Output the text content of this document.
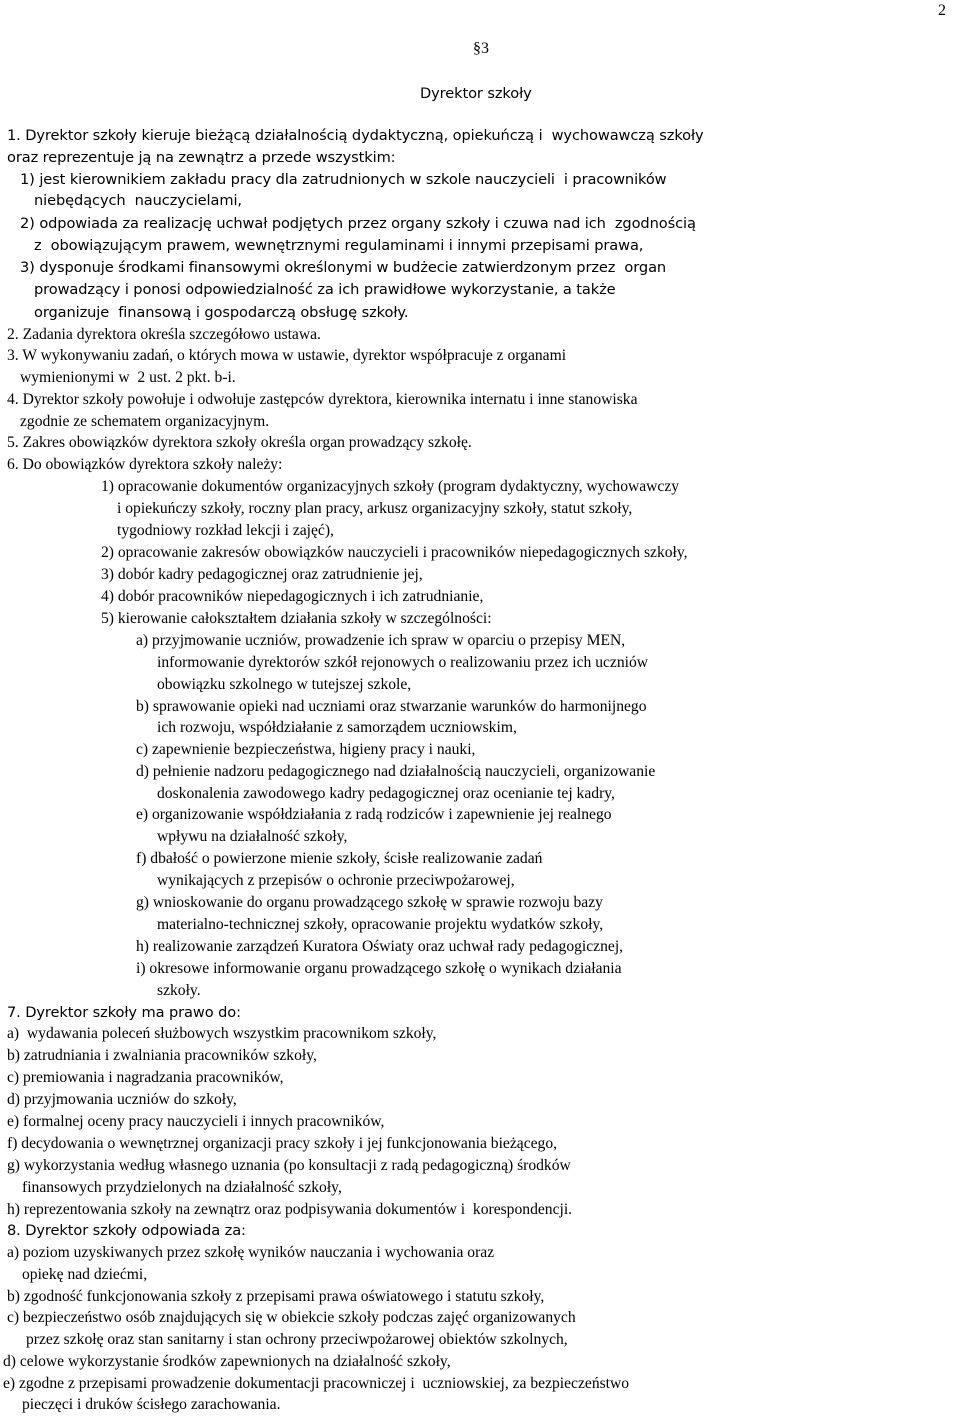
2
§3
Dyrektor szkoły
1. Dyrektor szkoły kieruje bieżącą działalnością dydaktyczną, opiekuńczą i  wychowawczą szkoły
oraz reprezentuje ją na zewnątrz a przede wszystkim:
1) jest kierownikiem zakładu pracy dla zatrudnionych w szkole nauczycieli  i pracowników
niebędących  nauczycielami,
2) odpowiada za realizację uchwał podjętych przez organy szkoły i czuwa nad ich  zgodnością
z  obowiązującym prawem, wewnętrznymi regulaminami i innymi przepisami prawa,
3) dysponuje środkami finansowymi określonymi w budżecie zatwierdzonym przez  organ
prowadzący i ponosi odpowiedzialność za ich prawidłowe wykorzystanie, a także
organizuje  finansową i gospodarczą obsługę szkoły.
2. Zadania dyrektora określa szczegółowo ustawa.
3. W wykonywaniu zadań, o których mowa w ustawie, dyrektor współpracuje z organami
wymienionymi w  2 ust. 2 pkt. b-i.
4. Dyrektor szkoły powołuje i odwołuje zastępców dyrektora, kierownika internatu i inne stanowiska
zgodnie ze schematem organizacyjnym.
5. Zakres obowiązków dyrektora szkoły określa organ prowadzący szkołę.
6. Do obowiązków dyrektora szkoły należy:
1) opracowanie dokumentów organizacyjnych szkoły (program dydaktyczny, wychowawczy
i opiekuńczy szkoły, roczny plan pracy, arkusz organizacyjny szkoły, statut szkoły,
tygodniowy rozkład lekcji i zajęć),
2) opracowanie zakresów obowiązków nauczycieli i pracowników niepedagogicznych szkoły,
3) dobór kadry pedagogicznej oraz zatrudnienie jej,
4) dobór pracowników niepedagogicznych i ich zatrudnianie,
5) kierowanie całokształtem działania szkoły w szczególności:
a) przyjmowanie uczniów, prowadzenie ich spraw w oparciu o przepisy MEN,
informowanie dyrektorów szkół rejonowych o realizowaniu przez ich uczniów
obowiązku szkolnego w tutejszej szkole,
b) sprawowanie opieki nad uczniami oraz stwarzanie warunków do harmonijnego
ich rozwoju, współdziałanie z samorządem uczniowskim,
c) zapewnienie bezpieczeństwa, higieny pracy i nauki,
d) pełnienie nadzoru pedagogicznego nad działalnością nauczycieli, organizowanie
doskonalenia zawodowego kadry pedagogicznej oraz ocenianie tej kadry,
e) organizowanie współdziałania z radą rodziców i zapewnienie jej realnego
wpływu na działalność szkoły,
f) dbałość o powierzone mienie szkoły, ścisłe realizowanie zadań
wynikających z przepisów o ochronie przeciwpożarowej,
g) wnioskowanie do organu prowadzącego szkołę w sprawie rozwoju bazy
materialno-technicznej szkoły, opracowanie projektu wydatków szkoły,
h) realizowanie zarządzeń Kuratora Oświaty oraz uchwał rady pedagogicznej,
i) okresowe informowanie organu prowadzącego szkołę o wynikach działania
szkoły.
7. Dyrektor szkoły ma prawo do:
a)  wydawania poleceń służbowych wszystkim pracownikom szkoły,
b) zatrudniania i zwalniania pracowników szkoły,
c) premiowania i nagradzania pracowników,
d) przyjmowania uczniów do szkoły,
e) formalnej oceny pracy nauczycieli i innych pracowników,
f) decydowania o wewnętrznej organizacji pracy szkoły i jej funkcjonowania bieżącego,
g) wykorzystania według własnego uznania (po konsultacji z radą pedagogiczną) środków
finansowych przydzielonych na działalność szkoły,
h) reprezentowania szkoły na zewnątrz oraz podpisywania dokumentów i  korespondencji.
8. Dyrektor szkoły odpowiada za:
a) poziom uzyskiwanych przez szkołę wyników nauczania i wychowania oraz
opiekę nad dziećmi,
b) zgodność funkcjonowania szkoły z przepisami prawa oświatowego i statutu szkoły,
c) bezpieczeństwo osób znajdujących się w obiekcie szkoły podczas zajęć organizowanych
przez szkołę oraz stan sanitarny i stan ochrony przeciwpożarowej obiektów szkolnych,
d) celowe wykorzystanie środków zapewnionych na działalność szkoły,
e) zgodne z przepisami prowadzenie dokumentacji pracowniczej i  uczniowskiej, za bezpieczeństwo
pieczęci i druków ścisłego zarachowania.
